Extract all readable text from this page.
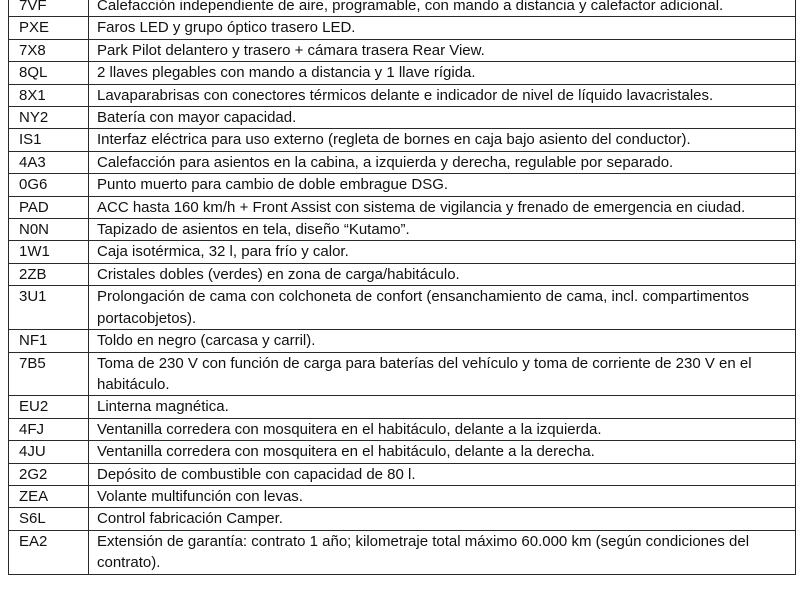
7VF	Calefacción independiente de aire, programable, con mando a distancia y calefactor adicional.
PXE	Faros LED y grupo óptico trasero LED.
7X8	Park Pilot delantero y trasero + cámara trasera Rear View.
8QL	2 llaves plegables con mando a distancia y 1 llave rígida.
8X1	Lavaparabrisas con conectores térmicos delante e indicador de nivel de líquido lavacristales.
NY2	Batería con mayor capacidad.
IS1	Interfaz eléctrica para uso externo (regleta de bornes en caja bajo asiento del conductor).
4A3	Calefacción para asientos en la cabina, a izquierda y derecha, regulable por separado.
0G6	Punto muerto para cambio de doble embrague DSG.
PAD	ACC hasta 160 km/h + Front Assist con sistema de vigilancia y frenado de emergencia en ciudad.
N0N	Tapizado de asientos en tela, diseño “Kutamo”.
1W1	Caja isotérmica, 32 l, para frío y calor.
2ZB	Cristales dobles (verdes) en zona de carga/habitáculo.
3U1	Prolongación de cama con colchoneta de confort (ensanchamiento de cama, incl. compartimentos portacobjetos).
NF1	Toldo en negro (carcasa y carril).
7B5	Toma de 230 V con función de carga para baterías del vehículo y toma de corriente de 230 V en el habitáculo.
EU2	Linterna magnética.
4FJ	Ventanilla corredera con mosquitera en el habitáculo, delante a la izquierda.
4JU	Ventanilla corredera con mosquitera en el habitáculo, delante a la derecha.
2G2	Depósito de combustible con capacidad de 80 l.
ZEA	Volante multifunción con levas.
S6L	Control fabricación Camper.
EA2	Extensión de garantía: contrato 1 año; kilometraje total máximo 60.000 km (según condiciones del contrato).
